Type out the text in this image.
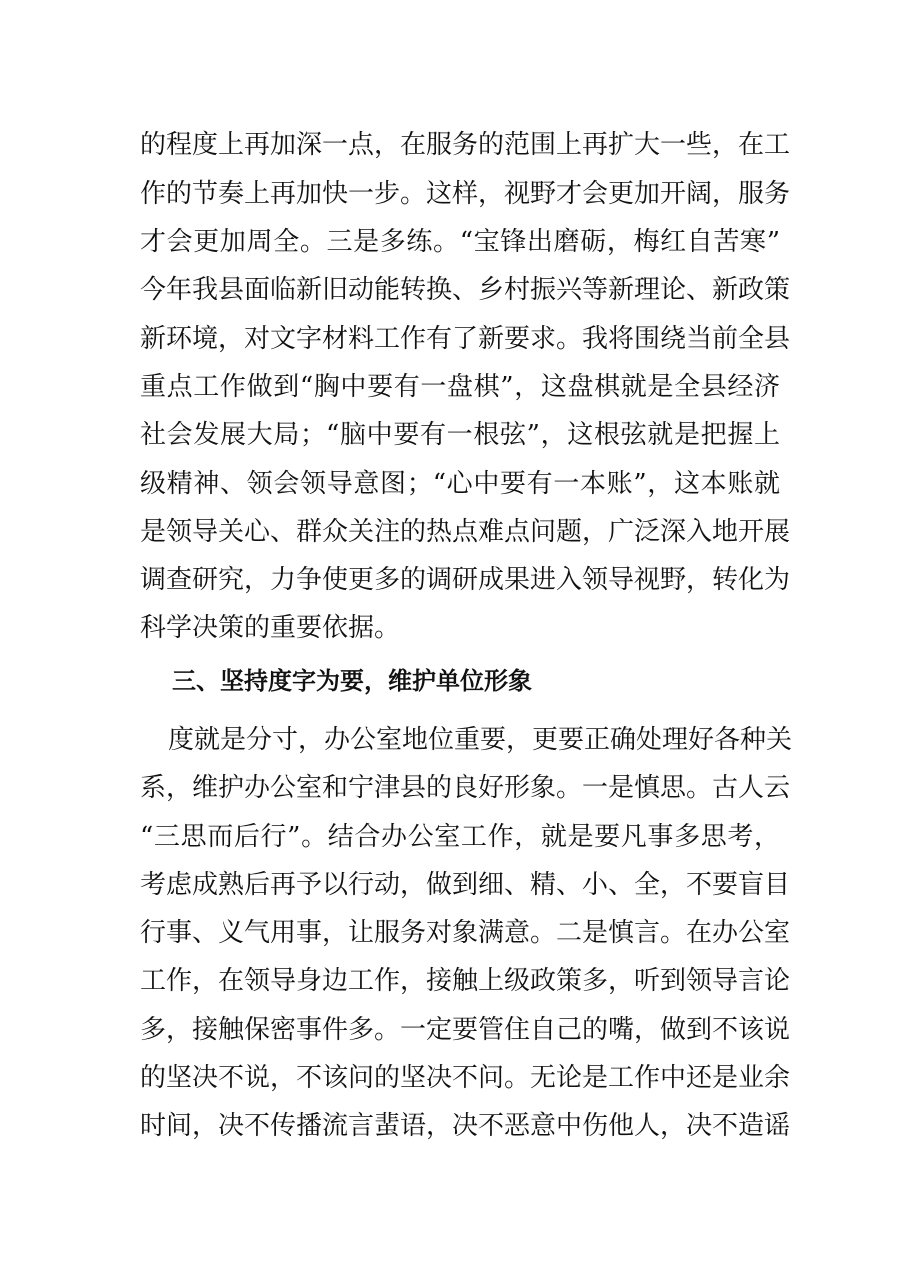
的程度上再加深一点，在服务的范围上再扩大一些，在工
作的节奏上再加快一步。这样，视野才会更加开阔，服务
才会更加周全。三是多练。“宝锋出磨砺，梅红自苦寒”
今年我县面临新旧动能转换、乡村振兴等新理论、新政策
新环境，对文字材料工作有了新要求。我将围绕当前全县
重点工作做到“胸中要有一盘棋”，这盘棋就是全县经济
社会发展大局；“脑中要有一根弦”，这根弦就是把握上
级精神、领会领导意图；“心中要有一本账”，这本账就
是领导关心、群众关注的热点难点问题，广泛深入地开展
调查研究，力争使更多的调研成果进入领导视野，转化为
科学决策的重要依据。
三、坚持度字为要，维护单位形象
度就是分寸，办公室地位重要，更要正确处理好各种关
系，维护办公室和宁津县的良好形象。一是慎思。古人云
“三思而后行”。结合办公室工作，就是要凡事多思考，
考虑成熟后再予以行动，做到细、精、小、全，不要盲目
行事、义气用事，让服务对象满意。二是慎言。在办公室
工作，在领导身边工作，接触上级政策多，听到领导言论
多，接触保密事件多。一定要管住自己的嘴，做到不该说
的坚决不说，不该问的坚决不问。无论是工作中还是业余
时间，决不传播流言蜚语，决不恶意中伤他人，决不造谣
